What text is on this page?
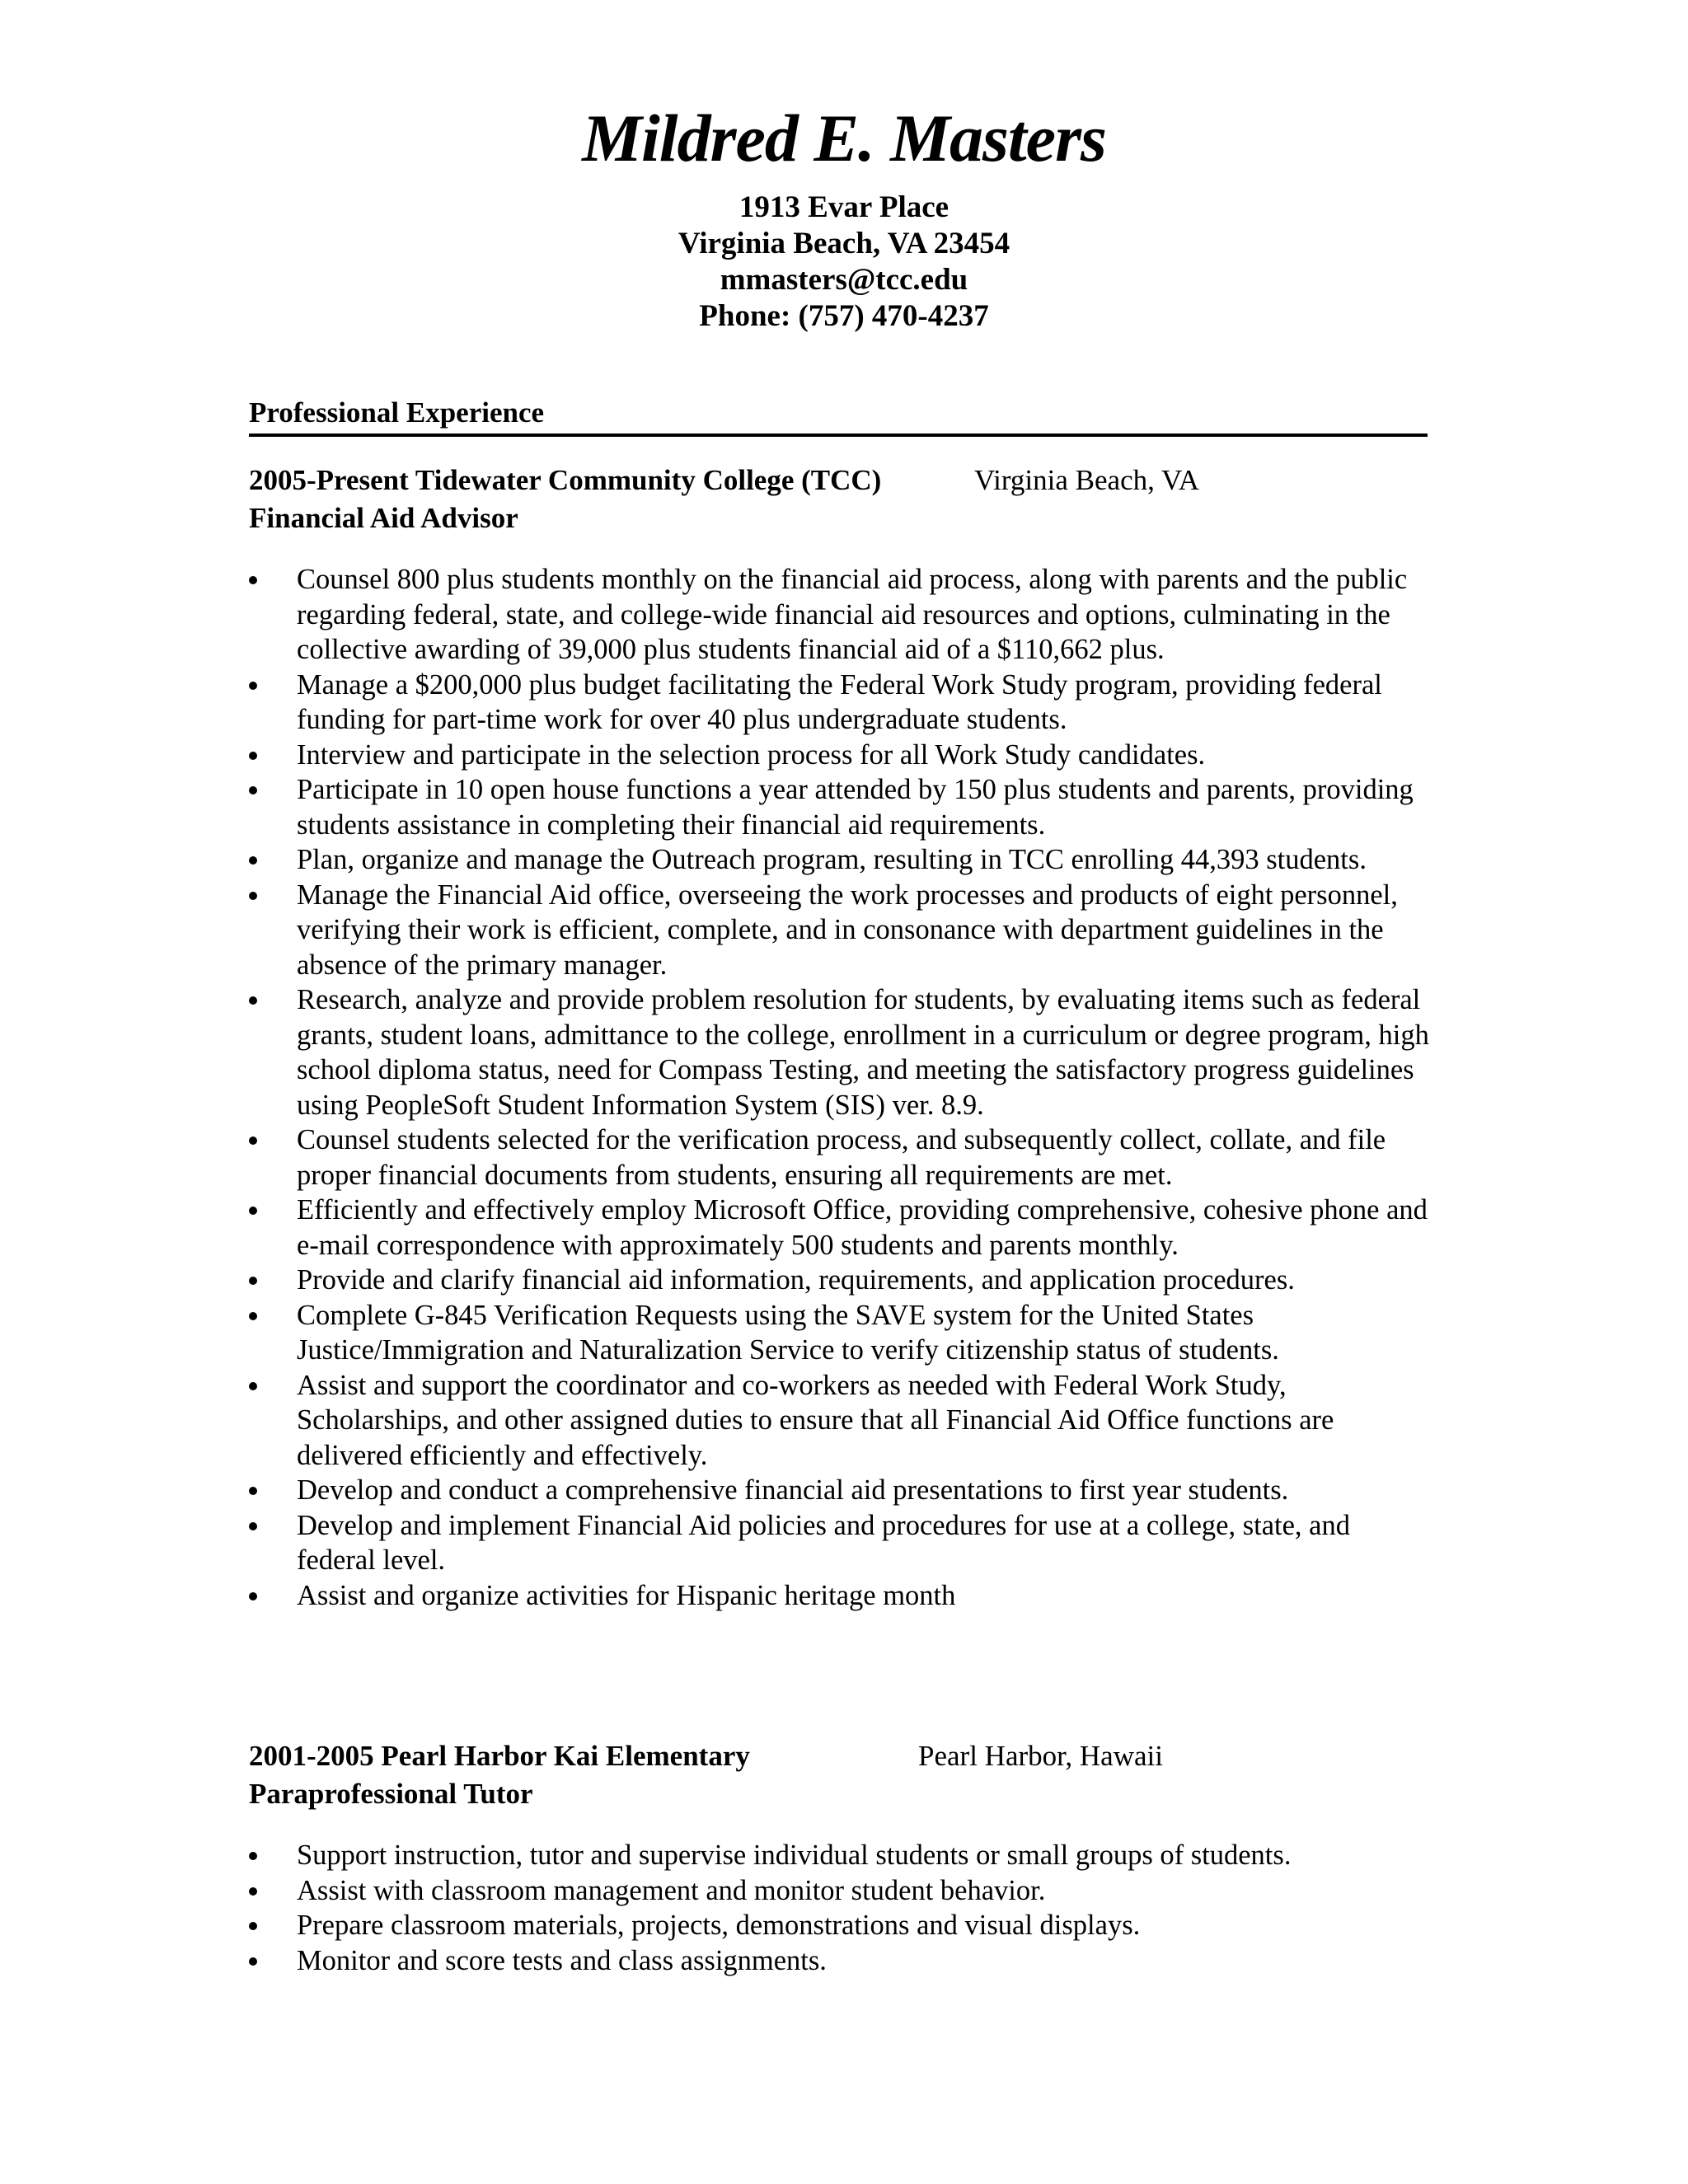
Mildred E. Masters
1913 Evar Place
Virginia Beach, VA 23454
mmasters@tcc.edu
Phone: (757) 470-4237
Professional Experience
2005-Present Tidewater Community College (TCC)	Virginia Beach, VA
Financial Aid Advisor
Counsel 800 plus students monthly on the financial aid process, along with parents and the public regarding federal, state, and college-wide financial aid resources and options, culminating in the collective awarding of 39,000 plus students financial aid of a $110,662 plus.
Manage a $200,000 plus budget facilitating the Federal Work Study program, providing federal funding for part-time work for over 40 plus undergraduate students.
Interview and participate in the selection process for all Work Study candidates.
Participate in 10 open house functions a year attended by 150 plus students and parents, providing students assistance in completing their financial aid requirements.
Plan, organize and manage the Outreach program, resulting in TCC enrolling 44,393 students.
Manage the Financial Aid office, overseeing the work processes and products of eight personnel, verifying their work is efficient, complete, and in consonance with department guidelines in the absence of the primary manager.
Research, analyze and provide problem resolution for students, by evaluating items such as federal grants, student loans, admittance to the college, enrollment in a curriculum or degree program, high school diploma status, need for Compass Testing, and meeting the satisfactory progress guidelines using PeopleSoft Student Information System (SIS) ver. 8.9.
Counsel students selected for the verification process, and subsequently collect, collate, and file proper financial documents from students, ensuring all requirements are met.
Efficiently and effectively employ Microsoft Office, providing comprehensive, cohesive phone and e-mail correspondence with approximately 500 students and parents monthly.
Provide and clarify financial aid information, requirements, and application procedures.
Complete G-845 Verification Requests using the SAVE system for the United States Justice/Immigration and Naturalization Service to verify citizenship status of students.
Assist and support the coordinator and co-workers as needed with Federal Work Study, Scholarships, and other assigned duties to ensure that all Financial Aid Office functions are delivered efficiently and effectively.
Develop and conduct a comprehensive financial aid presentations to first year students.
Develop and implement Financial Aid policies and procedures for use at a college, state, and federal level.
Assist and organize activities for Hispanic heritage month
2001-2005 Pearl Harbor Kai Elementary	Pearl Harbor, Hawaii
Paraprofessional Tutor
Support instruction, tutor and supervise individual students or small groups of students.
Assist with classroom management and monitor student behavior.
Prepare classroom materials, projects, demonstrations and visual displays.
Monitor and score tests and class assignments.
